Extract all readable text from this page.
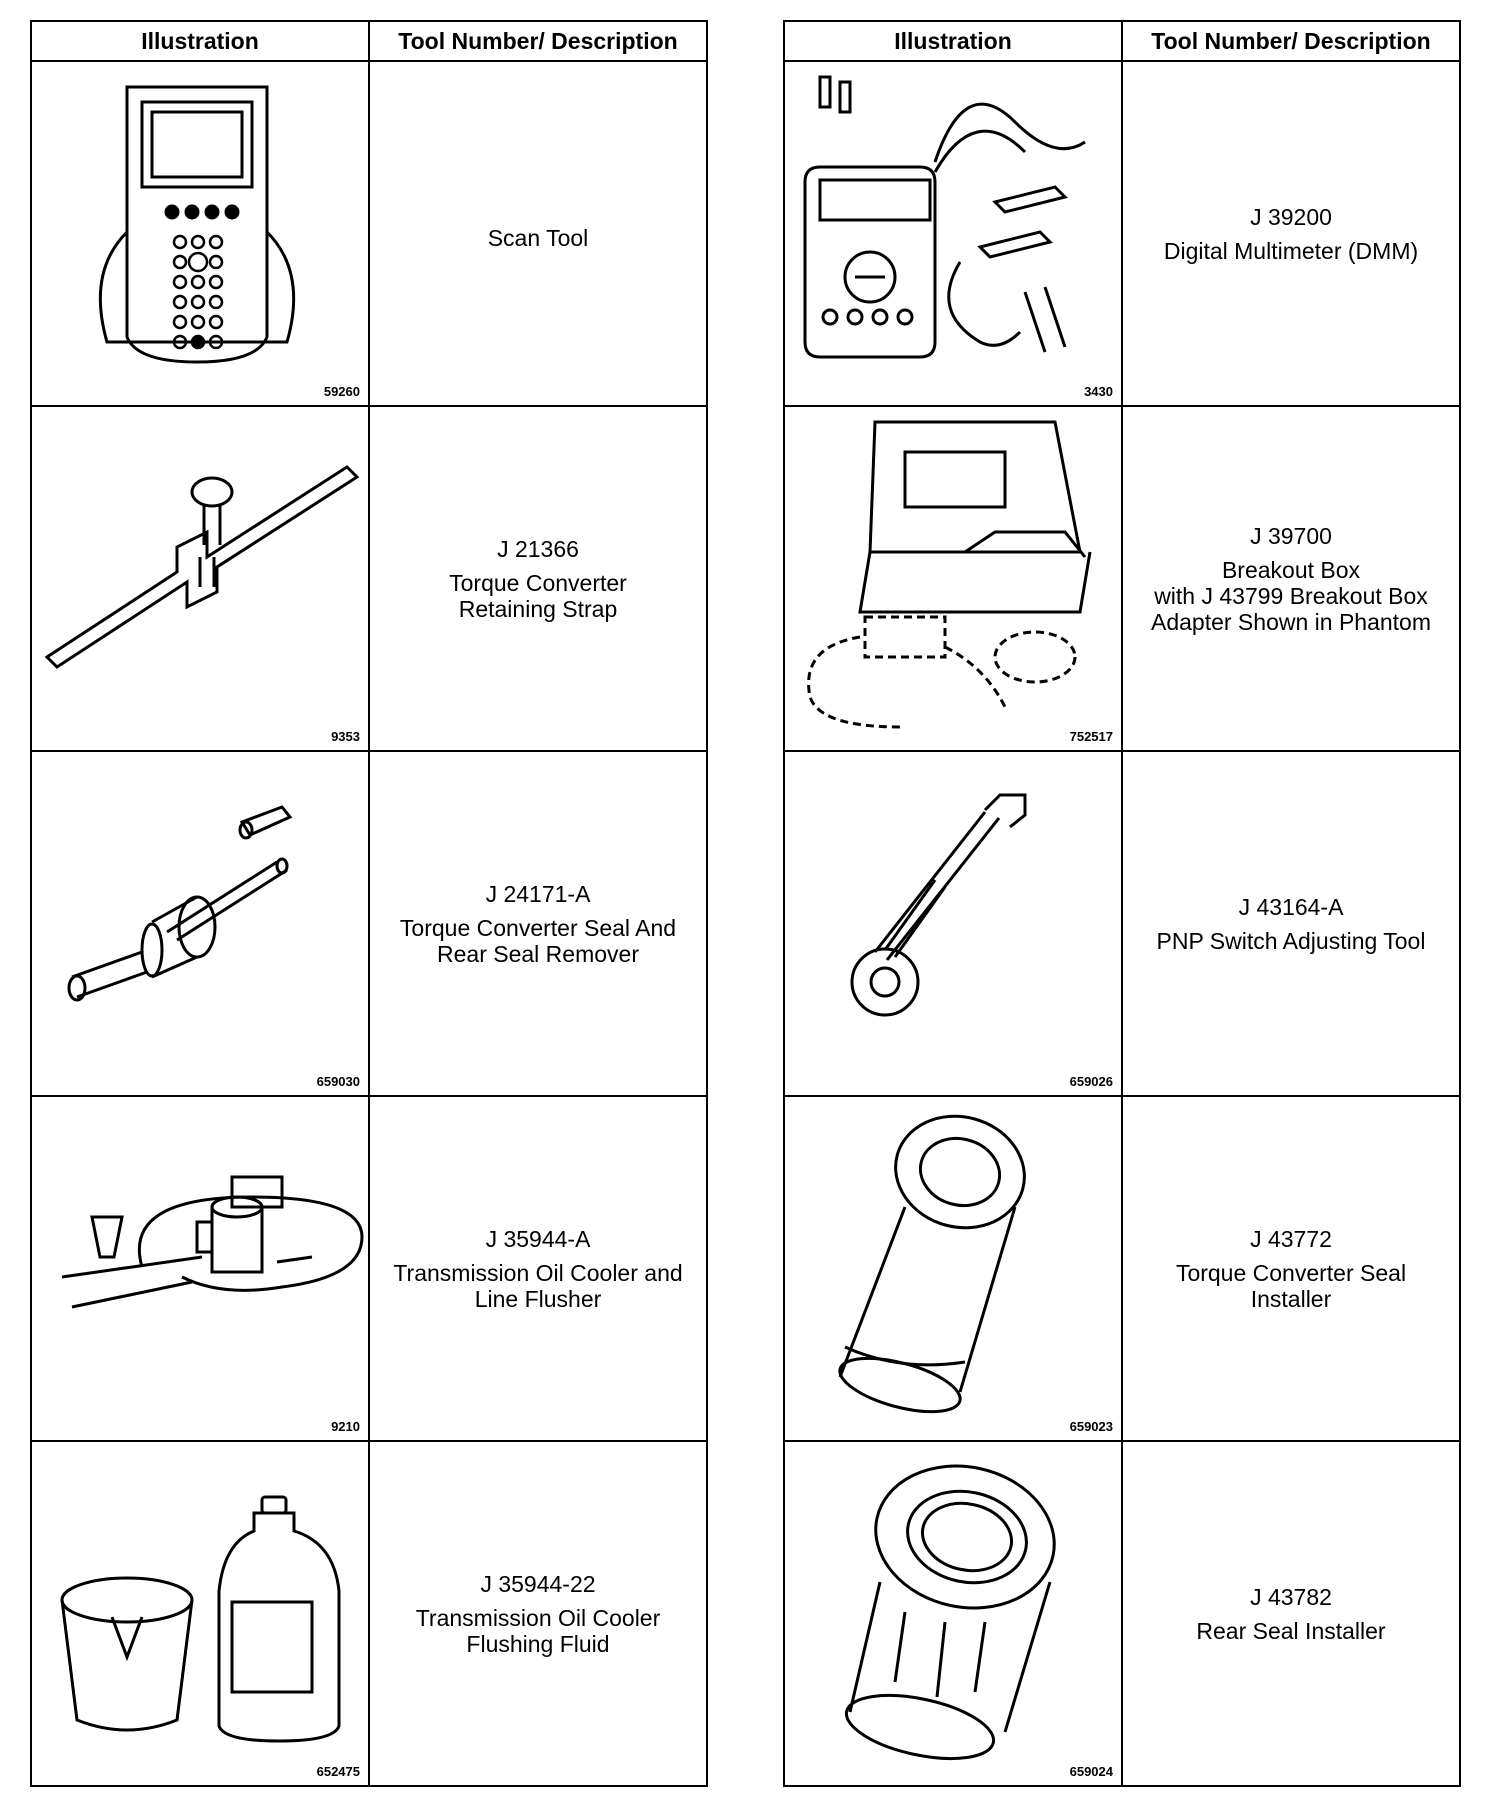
Illustration	Tool Number/ Description

59260	Scan Tool

9353	J 21366
Torque Converter
Retaining Strap

659030	J 24171-A
Torque Converter Seal And
Rear Seal Remover

9210	J 35944-A
Transmission Oil Cooler and
Line Flusher

652475	J 35944-22
Transmission Oil Cooler
Flushing Fluid
Illustration	Tool Number/ Description

3430	J 39200
Digital Multimeter (DMM)

752517	J 39700
Breakout Box
with J 43799 Breakout Box
Adapter Shown in Phantom

659026	J 43164-A
PNP Switch Adjusting Tool

659023	J 43772
Torque Converter Seal
Installer

659024	J 43782
Rear Seal Installer
